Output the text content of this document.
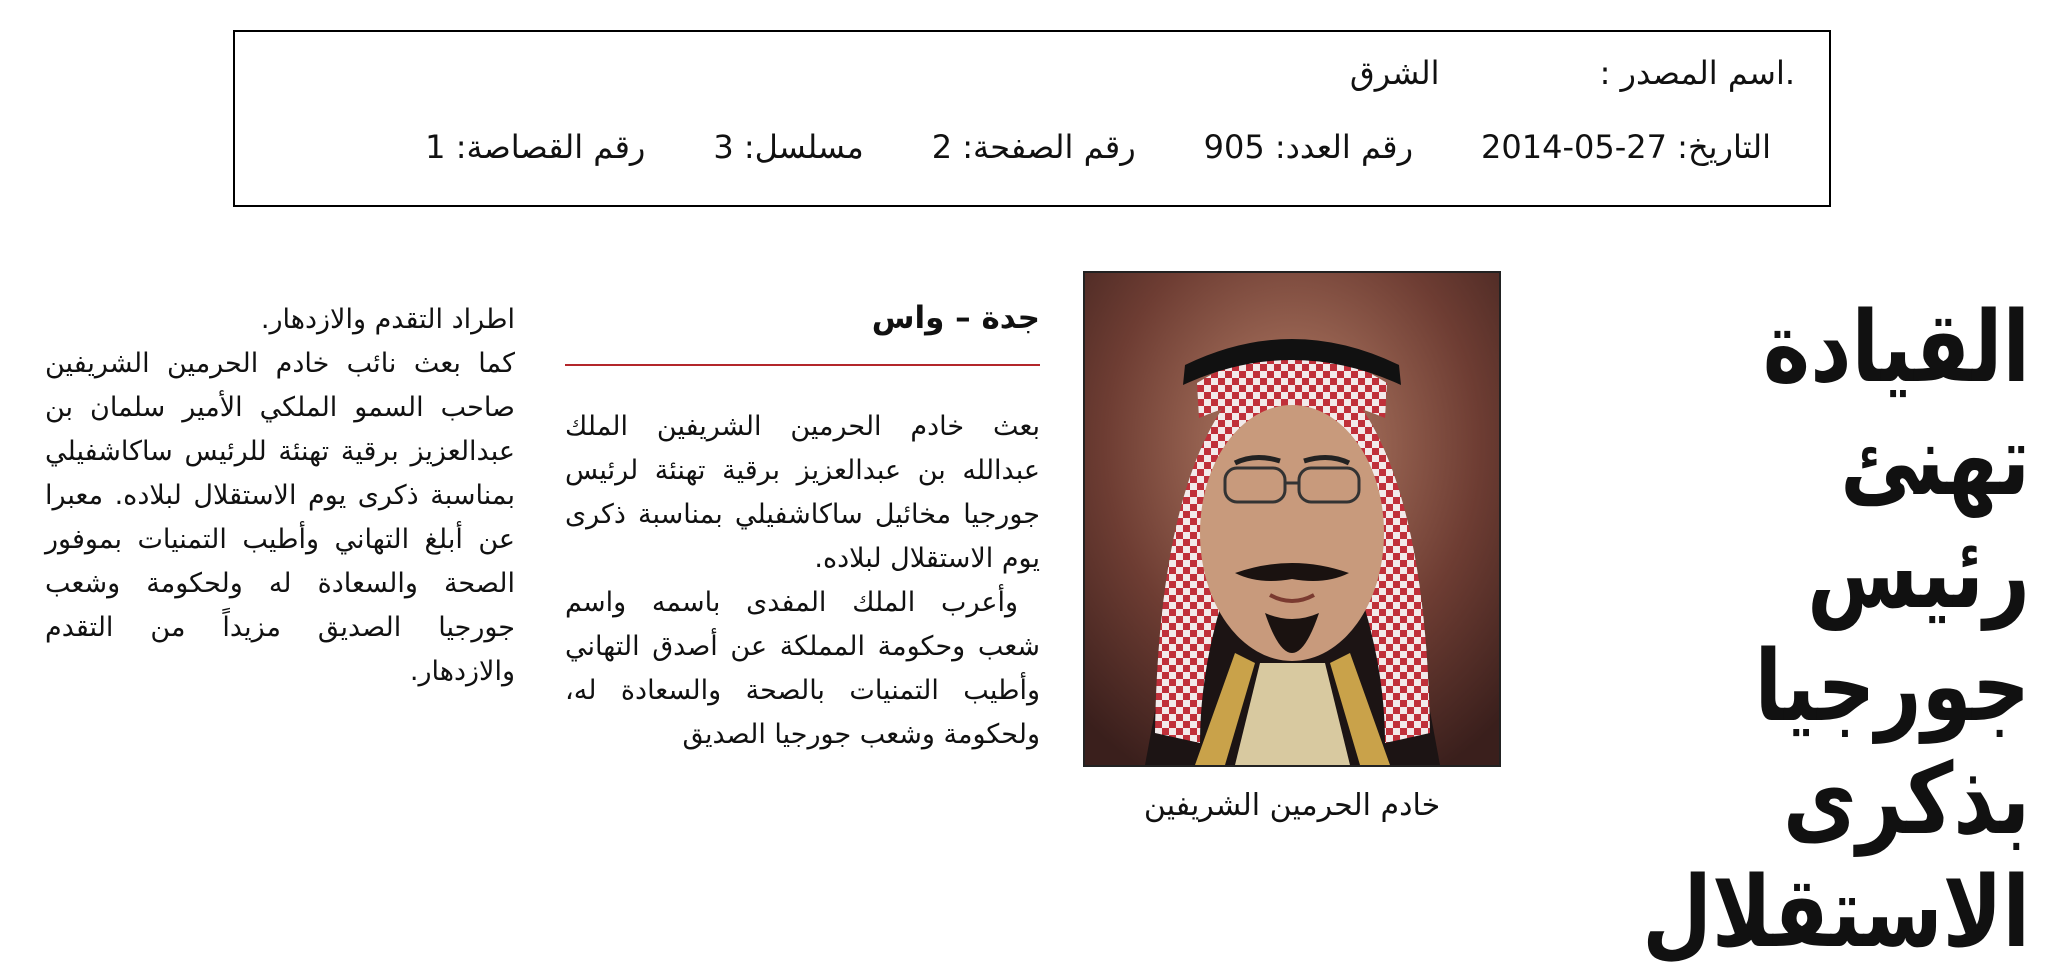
.اسم المصدر :الشرق
التاريخ: 27-05-2014رقم العدد: 905رقم الصفحة: 2مسلسل: 3رقم القصاصة: 1
القيادة
تهنئ رئيس
جورجيا بذكرى
الاستقلال
خادم الحرمين الشريفين
جدة – واس

بعث خادم الحرمين الشريفين الملك عبدالله بن عبدالعزيز برقية تهنئة لرئيس جورجيا مخائيل ساكاشفيلي بمناسبة ذكرى يوم الاستقلال لبلاده.

وأعرب الملك المفدى باسمه واسم شعب وحكومة المملكة عن أصدق التهاني وأطيب التمنيات بالصحة والسعادة له، ولحكومة وشعب جورجيا الصديق

اطراد التقدم والازدهار.

كما بعث نائب خادم الحرمين الشريفين صاحب السمو الملكي الأمير سلمان بن عبدالعزيز برقية تهنئة للرئيس ساكاشفيلي بمناسبة ذكرى يوم الاستقلال لبلاده. معبرا عن أبلغ التهاني وأطيب التمنيات بموفور الصحة والسعادة له ولحكومة وشعب جورجيا الصديق مزيداً من التقدم والازدهار.
